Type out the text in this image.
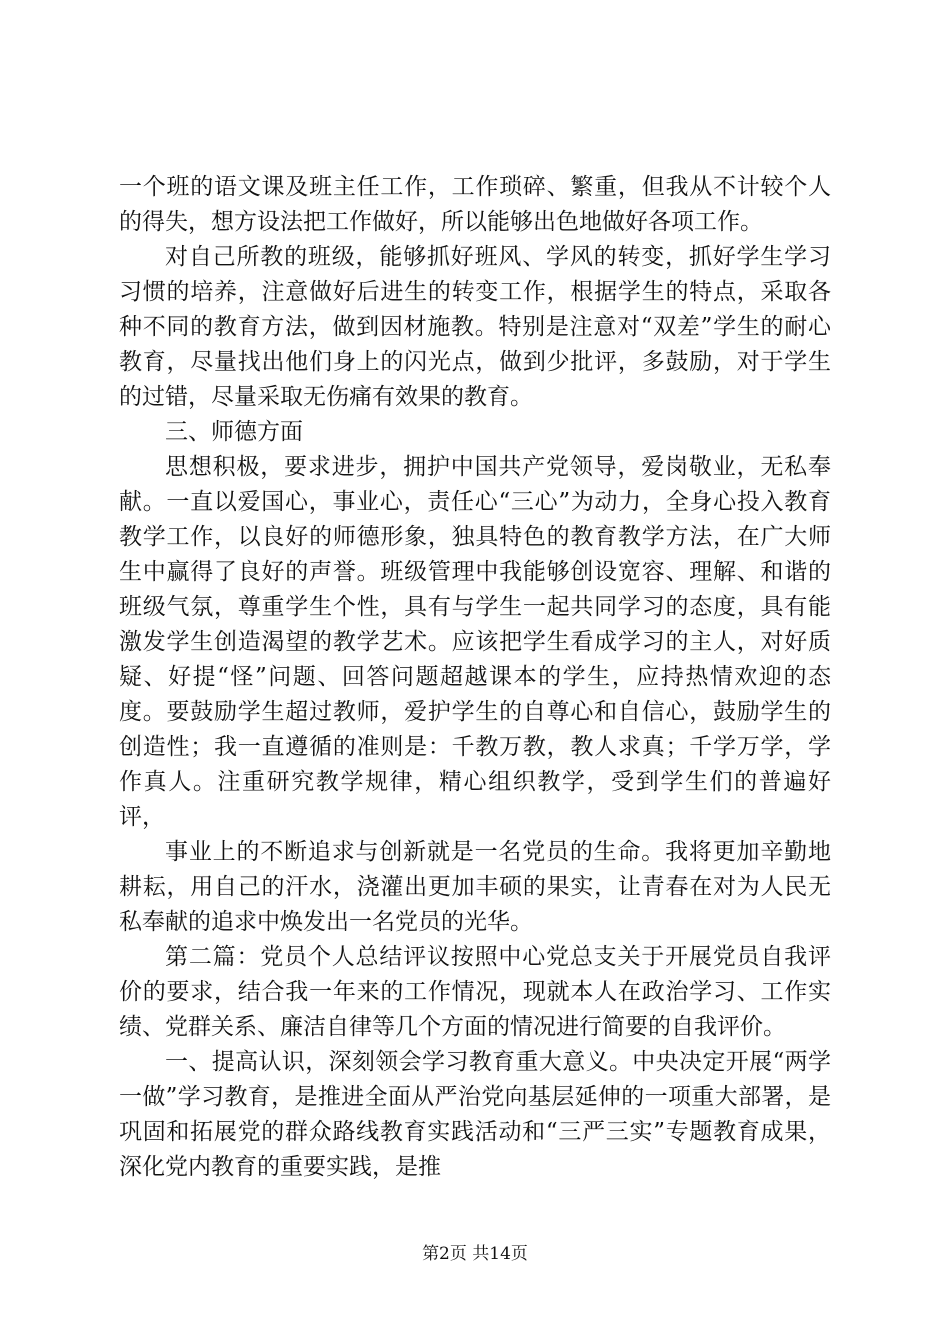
一个班的语文课及班主任工作，工作琐碎、繁重，但我从不计较个人的得失，想方设法把工作做好，所以能够出色地做好各项工作。

对自己所教的班级，能够抓好班风、学风的转变，抓好学生学习习惯的培养，注意做好后进生的转变工作，根据学生的特点，采取各种不同的教育方法，做到因材施教。特别是注意对“双差”学生的耐心教育，尽量找出他们身上的闪光点，做到少批评，多鼓励，对于学生的过错，尽量采取无伤痛有效果的教育。

三、师德方面

思想积极，要求进步，拥护中国共产党领导，爱岗敬业，无私奉献。一直以爱国心，事业心，责任心“三心”为动力，全身心投入教育教学工作，以良好的师德形象，独具特色的教育教学方法，在广大师生中赢得了良好的声誉。班级管理中我能够创设宽容、理解、和谐的班级气氛，尊重学生个性，具有与学生一起共同学习的态度，具有能激发学生创造渴望的教学艺术。应该把学生看成学习的主人，对好质疑、好提“怪”问题、回答问题超越课本的学生，应持热情欢迎的态度。要鼓励学生超过教师，爱护学生的自尊心和自信心，鼓励学生的创造性；我一直遵循的准则是：千教万教，教人求真；千学万学，学作真人。注重研究教学规律，精心组织教学，受到学生们的普遍好评，

事业上的不断追求与创新就是一名党员的生命。我将更加辛勤地耕耘，用自己的汗水，浇灌出更加丰硕的果实，让青春在对为人民无私奉献的追求中焕发出一名党员的光华。

第二篇：党员个人总结评议按照中心党总支关于开展党员自我评价的要求，结合我一年来的工作情况，现就本人在政治学习、工作实绩、党群关系、廉洁自律等几个方面的情况进行简要的自我评价。

一、提高认识，深刻领会学习教育重大意义。中央决定开展“两学一做”学习教育，是推进全面从严治党向基层延伸的一项重大部署，是巩固和拓展党的群众路线教育实践活动和“三严三实”专题教育成果，深化党内教育的重要实践，是推

第2页 共14页
